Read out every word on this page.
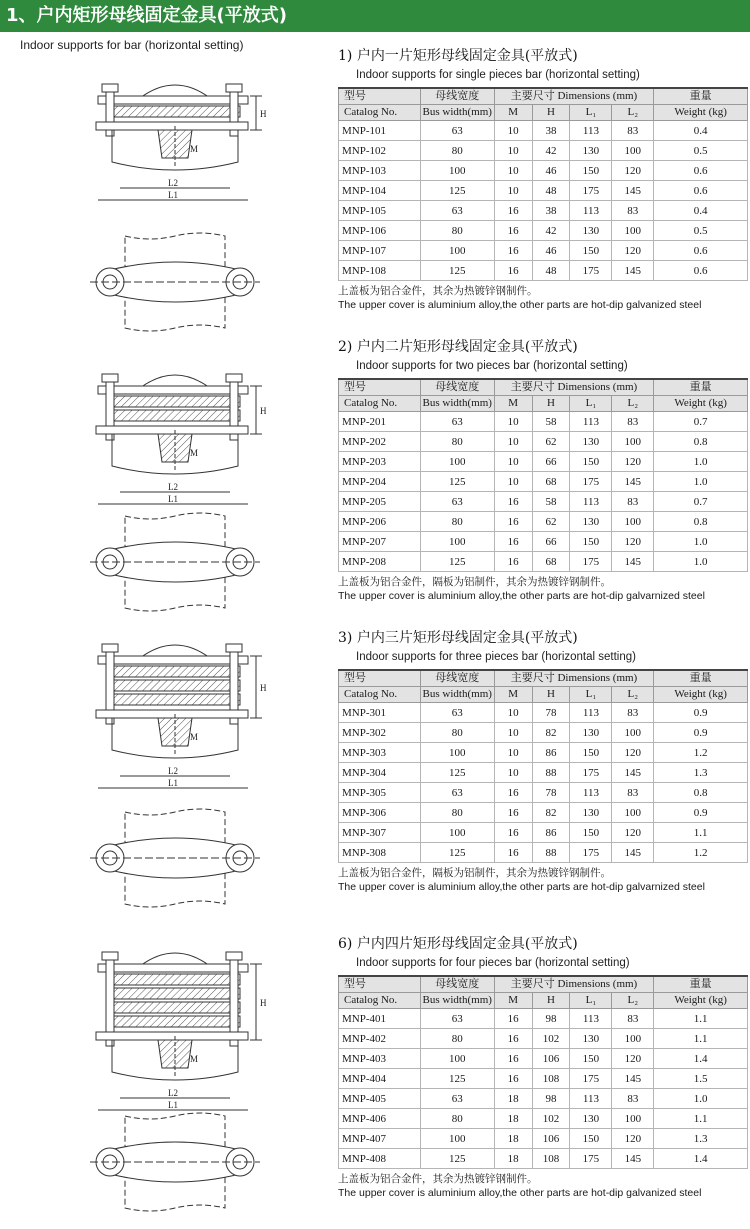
1、户内矩形母线固定金具(平放式)
Indoor supports for bar (horizontal setting)
H
M
L2
L1
H
M
L2
L1
H
M
L2
L1
H
M
L2
L1
1) 户内一片矩形母线固定金具(平放式)
Indoor supports for single pieces bar (horizontal setting)
型号	母线宽度	主要尺寸 Dimensions (mm)				重量
Catalog No.	Bus width(mm)	M	H	L₁	L₂	Weight (kg)
MNP-101	63	10	38	113	83	0.4
MNP-102	80	10	42	130	100	0.5
MNP-103	100	10	46	150	120	0.6
MNP-104	125	10	48	175	145	0.6
MNP-105	63	16	38	113	83	0.4
MNP-106	80	16	42	130	100	0.5
MNP-107	100	16	46	150	120	0.6
MNP-108	125	16	48	175	145	0.6
上盖板为铝合金件，其余为热镀锌钢制件。
The upper cover is aluminium alloy,the other parts are hot-dip galvanized steel
2) 户内二片矩形母线固定金具(平放式)
Indoor supports for two pieces bar (horizontal setting)
型号	母线宽度	主要尺寸 Dimensions (mm)				重量
Catalog No.	Bus width(mm)	M	H	L₁	L₂	Weight (kg)
MNP-201	63	10	58	113	83	0.7
MNP-202	80	10	62	130	100	0.8
MNP-203	100	10	66	150	120	1.0
MNP-204	125	10	68	175	145	1.0
MNP-205	63	16	58	113	83	0.7
MNP-206	80	16	62	130	100	0.8
MNP-207	100	16	66	150	120	1.0
MNP-208	125	16	68	175	145	1.0
上盖板为铝合金件，隔板为铝制件，其余为热镀锌钢制件。
The upper cover is aluminium alloy,the other parts are hot-dip galvarnized steel
3) 户内三片矩形母线固定金具(平放式)
Indoor supports for three pieces bar (horizontal setting)
型号	母线宽度	主要尺寸 Dimensions (mm)				重量
Catalog No.	Bus width(mm)	M	H	L₁	L₂	Weight (kg)
MNP-301	63	10	78	113	83	0.9
MNP-302	80	10	82	130	100	0.9
MNP-303	100	10	86	150	120	1.2
MNP-304	125	10	88	175	145	1.3
MNP-305	63	16	78	113	83	0.8
MNP-306	80	16	82	130	100	0.9
MNP-307	100	16	86	150	120	1.1
MNP-308	125	16	88	175	145	1.2
上盖板为铝合金件，隔板为铝制件，其余为热镀锌钢制件。
The upper cover is aluminium alloy,the other parts are hot-dip galvarnized steel
6) 户内四片矩形母线固定金具(平放式)
Indoor supports for four pieces bar (horizontal setting)
型号	母线宽度	主要尺寸 Dimensions (mm)				重量
Catalog No.	Bus width(mm)	M	H	L₁	L₂	Weight (kg)
MNP-401	63	16	98	113	83	1.1
MNP-402	80	16	102	130	100	1.1
MNP-403	100	16	106	150	120	1.4
MNP-404	125	16	108	175	145	1.5
MNP-405	63	18	98	113	83	1.0
MNP-406	80	18	102	130	100	1.1
MNP-407	100	18	106	150	120	1.3
MNP-408	125	18	108	175	145	1.4
上盖板为铝合金件，其余为热镀锌钢制件。
The upper cover is aluminium alloy,the other parts are hot-dip galvanized steel
